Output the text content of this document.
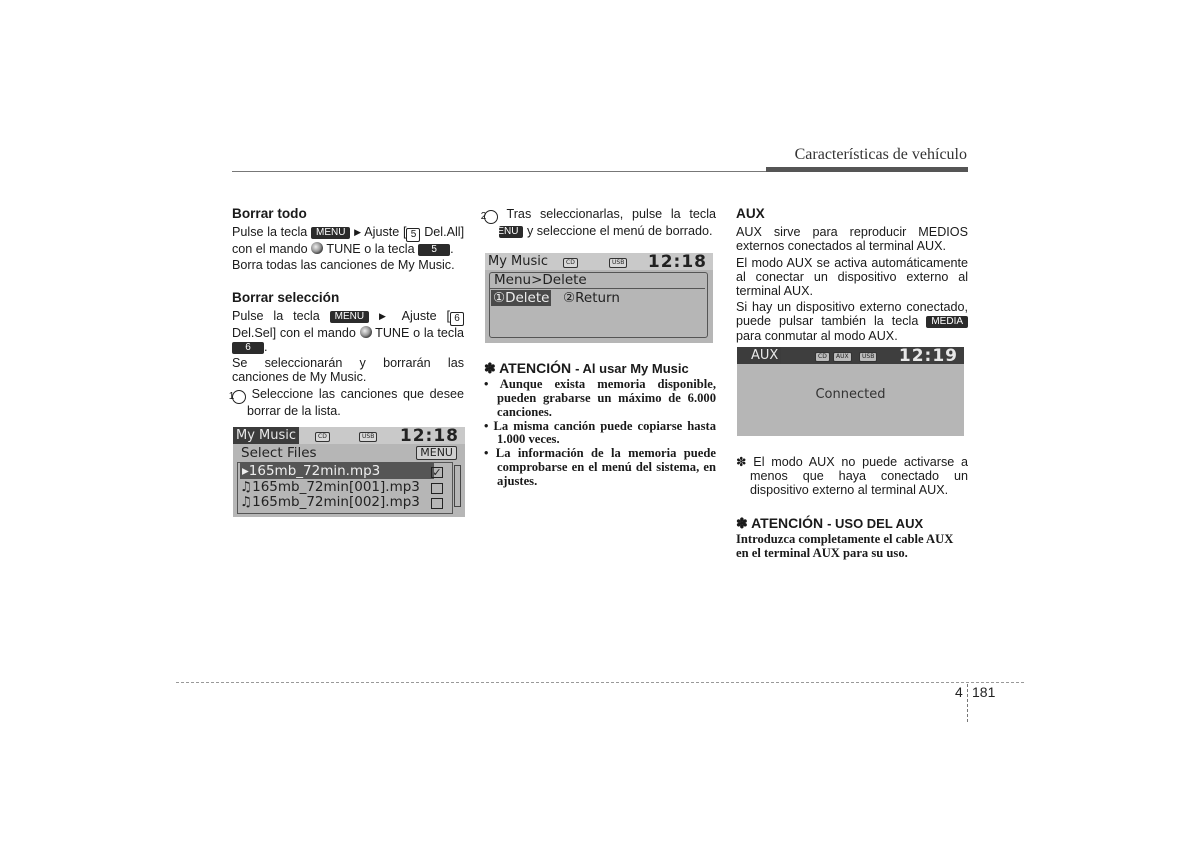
Características de vehículo
Borrar todo

Pulse la tecla MENU ▶ Ajuste [ 5 Del.All] con el mando TUNE o la tecla 5 .

Borra todas las canciones de My Music.

Borrar selección

Pulse la tecla MENU ▶ Ajuste [ 6 Del.Sel] con el mando TUNE o la tecla 6 .

Se seleccionarán y borrarán las canciones de My Music.

1 Seleccione las canciones que desee borrar de la lista.

My Music	CD	USB 12:18
Select Files	MENU
▸165mb_72min.mp3	✓
♫165mb_72min[001].mp3
♫165mb_72min[002].mp3

2 Tras seleccionarlas, pulse la tecla MENU y seleccione el menú de borrado.

My Music	CD	USB 12:18
Menu>Delete
①Delete ②Return
✽ ATENCIÓN - Al usar My Music
• Aunque exista memoria disponible, pueden grabarse un máximo de 6.000 canciones.
• La misma canción puede copiarse hasta 1.000 veces.
• La información de la memoria puede comprobarse en el menú del sistema, en ajustes.
AUX

AUX sirve para reproducir MEDIOS externos conectados al terminal AUX.

El modo AUX se activa automáticamente al conectar un dispositivo externo al terminal AUX.

Si hay un dispositivo externo conectado, puede pulsar también la tecla MEDIA para conmutar al modo AUX.

AUX	CD	AUX	USB 12:19
Connected

✽ El modo AUX no puede activarse a menos que haya conectado un dispositivo externo al terminal AUX.

✽ ATENCIÓN - USO DEL AUX
Introduzca completamente el cable AUX en el terminal AUX para su uso.
4 181
